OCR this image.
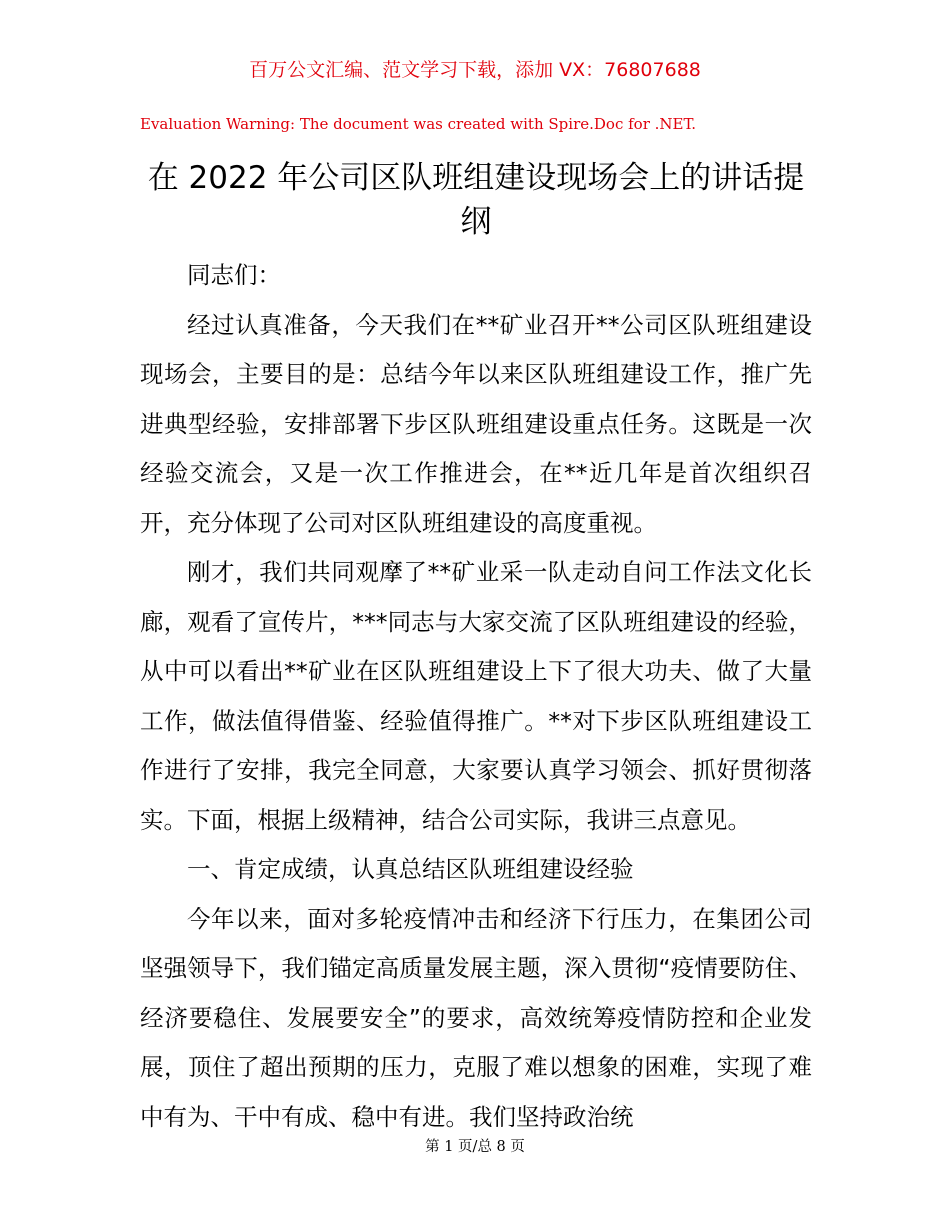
百万公文汇编、范文学习下载，添加 VX：76807688
Evaluation Warning: The document was created with Spire.Doc for .NET.
在 2022 年公司区队班组建设现场会上的讲话提纲

同志们：

经过认真准备，今天我们在**矿业召开**公司区队班组建设现场会，主要目的是：总结今年以来区队班组建设工作，推广先进典型经验，安排部署下步区队班组建设重点任务。这既是一次经验交流会，又是一次工作推进会，在**近几年是首次组织召开，充分体现了公司对区队班组建设的高度重视。

刚才，我们共同观摩了**矿业采一队走动自问工作法文化长廊，观看了宣传片，***同志与大家交流了区队班组建设的经验，从中可以看出**矿业在区队班组建设上下了很大功夫、做了大量工作，做法值得借鉴、经验值得推广。**对下步区队班组建设工作进行了安排，我完全同意，大家要认真学习领会、抓好贯彻落实。下面，根据上级精神，结合公司实际，我讲三点意见。

一、肯定成绩，认真总结区队班组建设经验

今年以来，面对多轮疫情冲击和经济下行压力，在集团公司坚强领导下，我们锚定高质量发展主题，深入贯彻“疫情要防住、经济要稳住、发展要安全”的要求，高效统筹疫情防控和企业发展，顶住了超出预期的压力，克服了难以想象的困难，实现了难中有为、干中有成、稳中有进。我们坚持政治统

第 1 页/总 8 页
